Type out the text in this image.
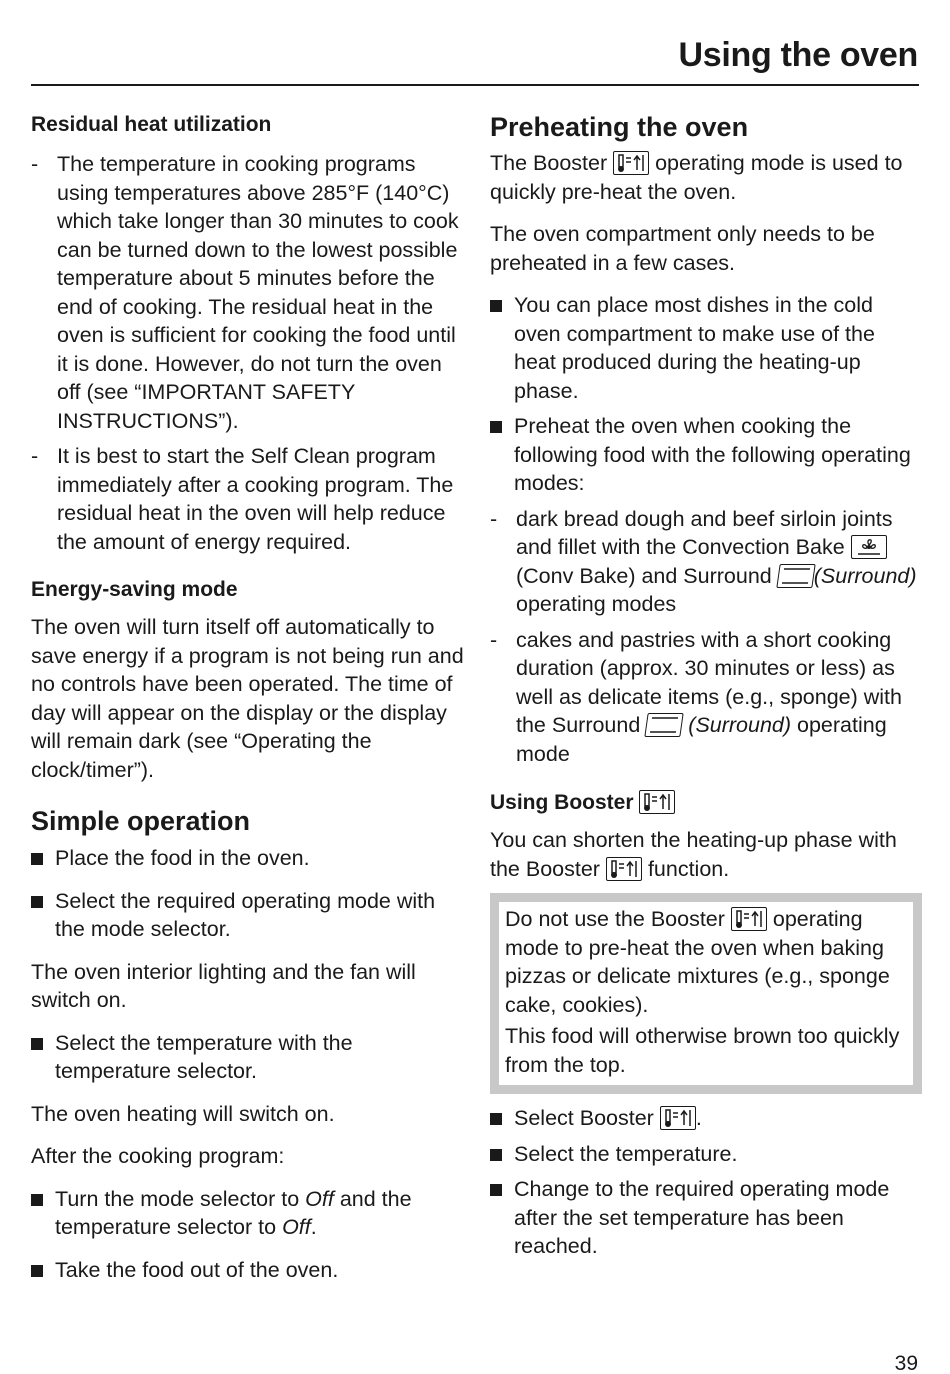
Using the oven
Residual heat utilization
- The temperature in cooking programs using temperatures above 285°F (140°C) which take longer than 30 minutes to cook can be turned down to the lowest possible temperature about 5 minutes before the end of cooking. The residual heat in the oven is sufficient for cooking the food until it is done. However, do not turn the oven off (see “IMPORTANT SAFETY INSTRUCTIONS”).
- It is best to start the Self Clean program immediately after a cooking program. The residual heat in the oven will help reduce the amount of energy required.
Energy-saving mode

The oven will turn itself off automatically to save energy if a program is not being run and no controls have been operated. The time of day will appear on the display or the display will remain dark (see “Operating the clock/timer”).

Simple operation
Place the food in the oven.
Select the required operating mode with the mode selector.

The oven interior lighting and the fan will switch on.

Select the temperature with the temperature selector.

The oven heating will switch on.

After the cooking program:

Turn the mode selector to Off and the temperature selector to Off.
Take the food out of the oven.
Preheating the oven

The Booster operating mode is used to quickly pre-heat the oven.

The oven compartment only needs to be preheated in a few cases.

You can place most dishes in the cold oven compartment to make use of the heat produced during the heating-up phase.
Preheat the oven when cooking the following food with the following operating modes:
- dark bread dough and beef sirloin joints and fillet with the Convection Bake
(Conv Bake) and Surround (Surround) operating modes
- cakes and pastries with a short cooking duration (approx. 30 minutes or less) as well as delicate items (e.g., sponge) with the Surround (Surround) operating mode
Using Booster

You can shorten the heating-up phase with the Booster function.

Do not use the Booster operating mode to pre-heat the oven when baking pizzas or delicate mixtures (e.g., sponge cake, cookies).

This food will otherwise brown too quickly from the top.

Select Booster .
Select the temperature.
Change to the required operating mode after the set temperature has been reached.
39
